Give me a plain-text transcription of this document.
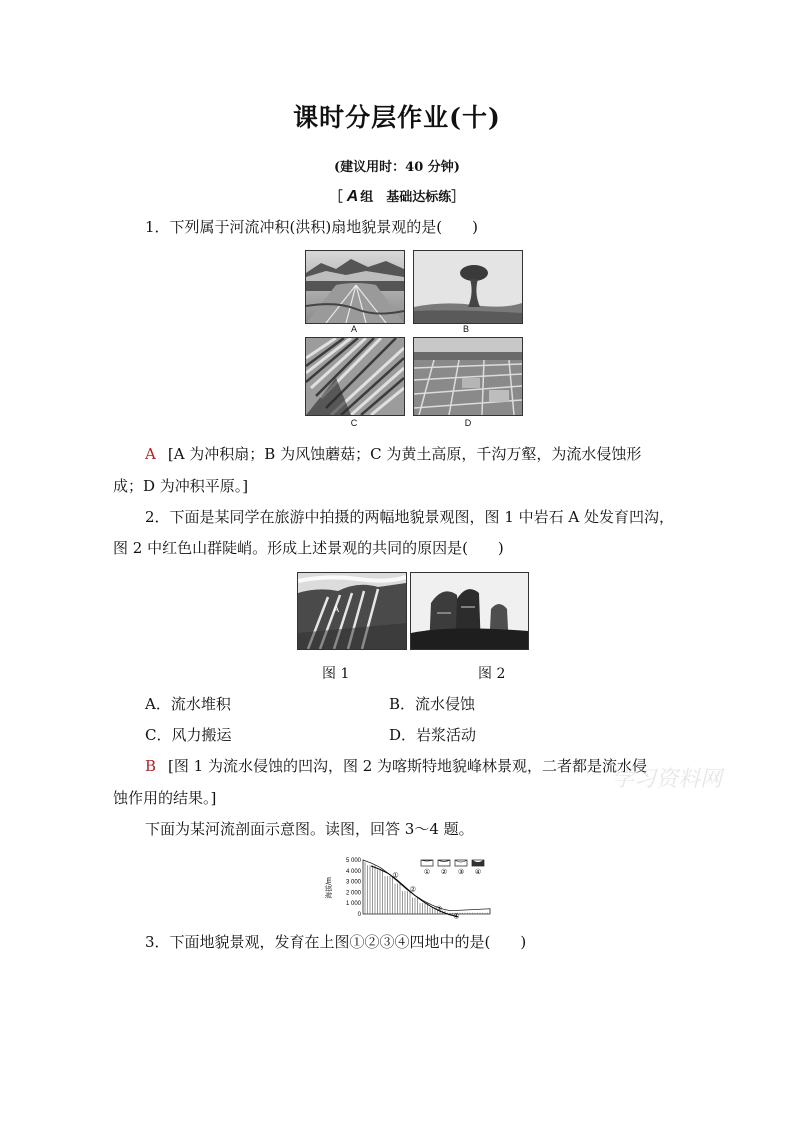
课时分层作业(十)
(建议用时：40 分钟)
［ A 组　基础达标练］
1．下列属于河流冲积(洪积)扇地貌景观的是(　　)
A	B
C	D
A [A 为冲积扇；B 为风蚀蘑菇；C 为黄土高原，千沟万壑，为流水侵蚀形
成；D 为冲积平原。]
2．下面是某同学在旅游中拍摄的两幅地貌景观图，图 1 中岩石 A 处发育凹沟，
图 2 中红色山群陡峭。形成上述景观的共同的原因是(　　)
A
图 1	图 2
A．流水堆积	B．流水侵蚀
C．风力搬运	D．岩浆活动
B [图 1 为流水侵蚀的凹沟，图 2 为喀斯特地貌峰林景观，二者都是流水侵
蚀作用的结果。]
学习资料网
下面为某河流剖面示意图。读图，回答 3～4 题。
海拔/m
5 000
4 000
3 000
2 000
1 000
0
①
②
③
④
① ② ③ ④
3．下面地貌景观，发育在上图①②③④四地中的是(　　)
